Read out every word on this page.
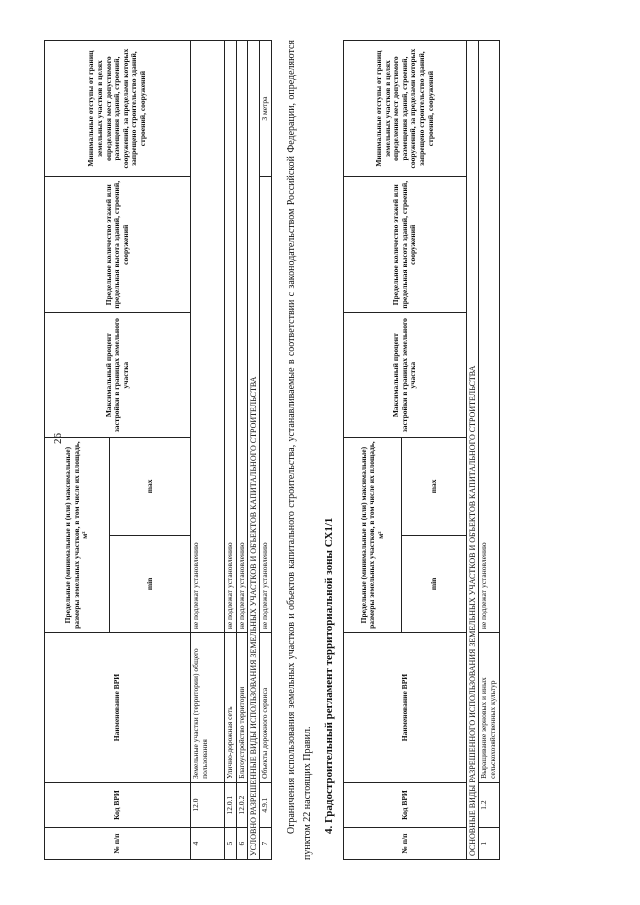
26
№ п/п	Код ВРИ	Наименование ВРИ	Предельные (минимальные и (или) максимальные) размеры земельных участков, в том числе их площадь, м²		Максимальный процент застройки в границах земельного участка	Предельное количество этажей или предельная высота зданий, строений, сооружений	Минимальные отступы от границ земельных участков в целях определения мест допустимого размещения зданий, строений, сооружений, за пределами которых запрещено строительство зданий, строений, сооружений
			min	max			
4	12.0	Земельные участки (территории) общего пользования	не подлежат установлению				
5	12.0.1	Улично-дорожная сеть	не подлежат установлению				
6	12.0.2	Благоустройство территории	не подлежат установлению				
УСЛОВНО РАЗРЕШЕННЫЕ ВИДЫ ИСПОЛЬЗОВАНИЯ ЗЕМЕЛЬНЫХ УЧАСТКОВ И ОБЪЕКТОВ КАПИТАЛЬНОГО СТРОИТЕЛЬСТВА							
7	4.9.1	Объекты дорожного сервиса	не подлежат установлению				3 метра Ограничения использования земельных участков и объектов капитального строительства, устанавливаемые в соответствии с законодательством Российской Федерации, определяются пунктом 22 настоящих Правил. 4. Градостроительный регламент территориальной зоны СХ1/1
№ п/п	Код ВРИ	Наименование ВРИ	Предельные (минимальные и (или) максимальные) размеры земельных участков, в том числе их площадь, м²		Максимальный процент застройки в границах земельного участка	Предельное количество этажей или предельная высота зданий, строений, сооружений	Минимальные отступы от границ земельных участков в целях определения мест допустимого размещения зданий, строений, сооружений, за пределами которых запрещено строительство зданий, строений, сооружений
			min	max			
ОСНОВНЫЕ ВИДЫ РАЗРЕШЕННОГО ИСПОЛЬЗОВАНИЯ ЗЕМЕЛЬНЫХ УЧАСТКОВ И ОБЪЕКТОВ КАПИТАЛЬНОГО СТРОИТЕЛЬСТВА							
1	1.2	Выращивание зерновых и иных сельскохозяйственных культур	не подлежат установлению				
